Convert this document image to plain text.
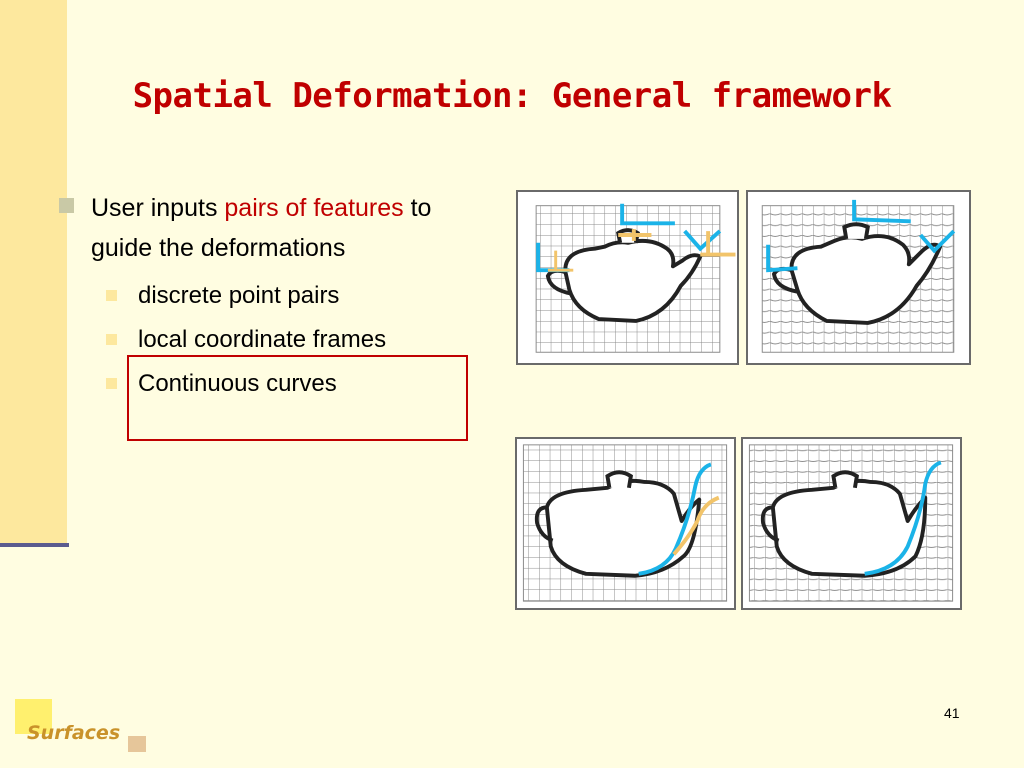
Spatial Deformation: General framework
User inputs pairs of features to guide the deformations
discrete point pairs
local coordinate frames
Continuous curves
Surfaces
41
